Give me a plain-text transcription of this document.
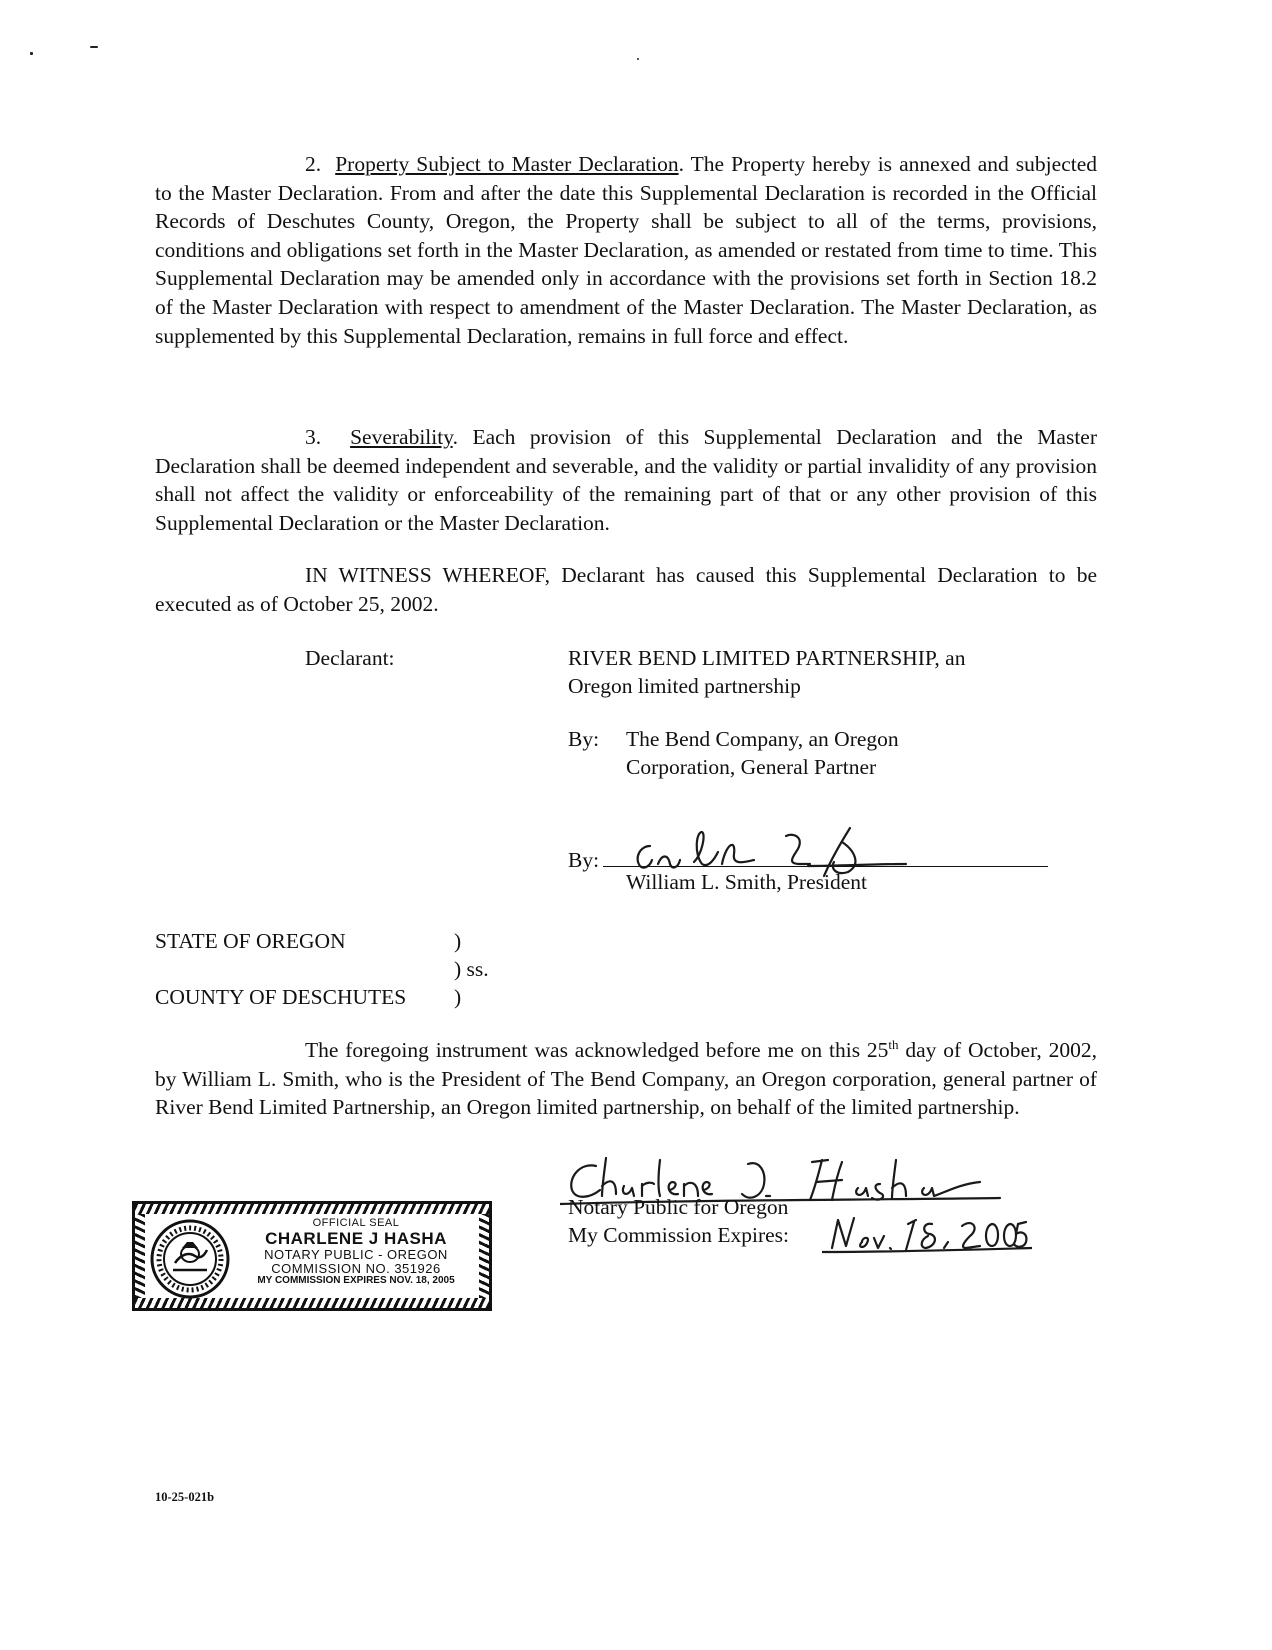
2. Property Subject to Master Declaration. The Property hereby is annexed and subjected to the Master Declaration. From and after the date this Supplemental Declaration is recorded in the Official Records of Deschutes County, Oregon, the Property shall be subject to all of the terms, provisions, conditions and obligations set forth in the Master Declaration, as amended or restated from time to time. This Supplemental Declaration may be amended only in accordance with the provisions set forth in Section 18.2 of the Master Declaration with respect to amendment of the Master Declaration. The Master Declaration, as supplemented by this Supplemental Declaration, remains in full force and effect.
3. Severability. Each provision of this Supplemental Declaration and the Master Declaration shall be deemed independent and severable, and the validity or partial invalidity of any provision shall not affect the validity or enforceability of the remaining part of that or any other provision of this Supplemental Declaration or the Master Declaration.
IN WITNESS WHEREOF, Declarant has caused this Supplemental Declaration to be executed as of October 25, 2002.
Declarant:	RIVER BEND LIMITED PARTNERSHIP, an
Oregon limited partnership
By: The Bend Company, an Oregon
Corporation, General Partner
By:
William L. Smith, President
STATE OF OREGON	)
) ss.
COUNTY OF DESCHUTES )
The foregoing instrument was acknowledged before me on this 25th day of October, 2002, by William L. Smith, who is the President of The Bend Company, an Oregon corporation, general partner of River Bend Limited Partnership, an Oregon limited partnership, on behalf of the limited partnership.
Notary Public for Oregon
My Commission Expires:
OFFICIAL SEAL
CHARLENE J HASHA
NOTARY PUBLIC - OREGON
COMMISSION NO. 351926
MY COMMISSION EXPIRES NOV. 18, 2005
10-25-021b
